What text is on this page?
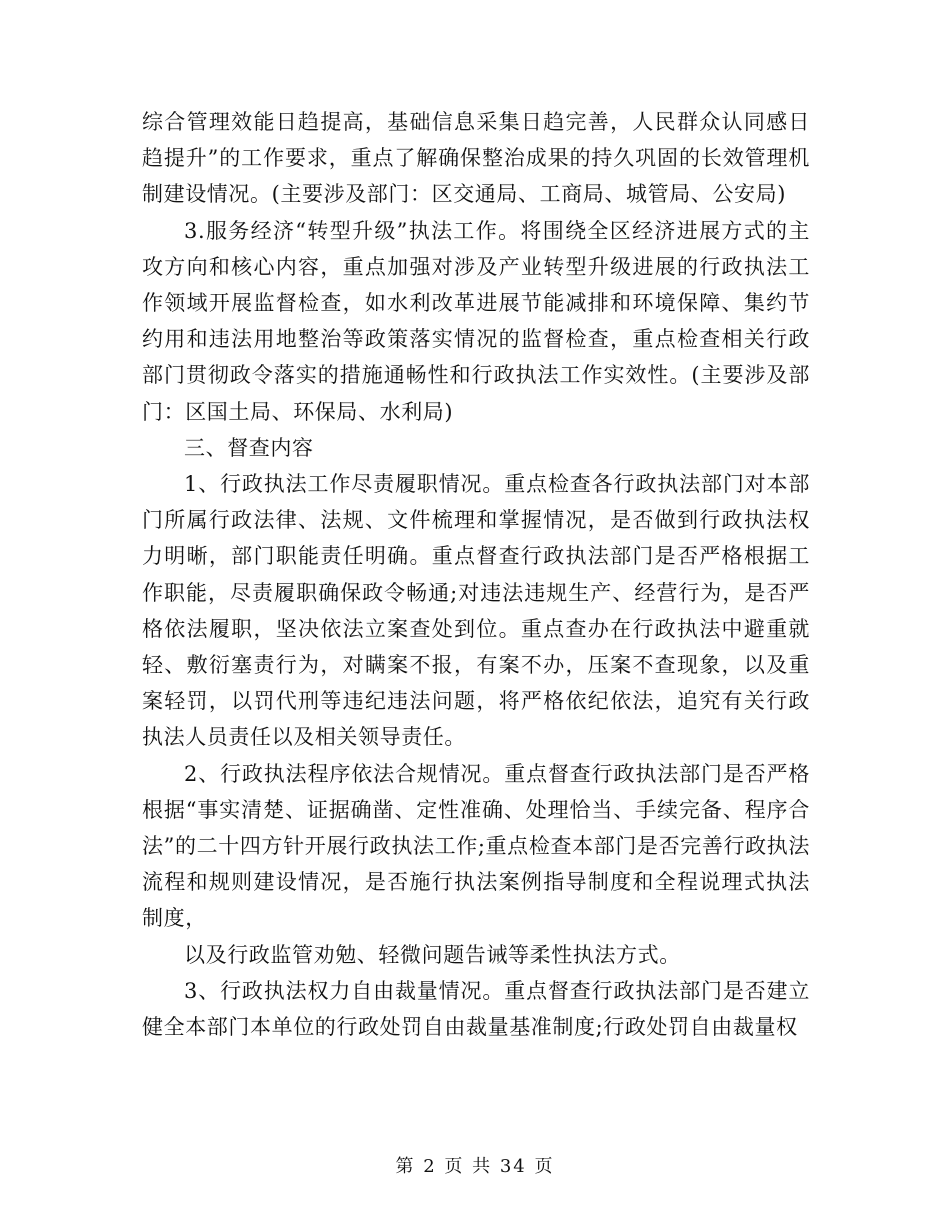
综合管理效能日趋提高，基础信息采集日趋完善，人民群众认同感日趋提升”的工作要求，重点了解确保整治成果的持久巩固的长效管理机制建设情况。(主要涉及部门：区交通局、工商局、城管局、公安局)

3.服务经济“转型升级”执法工作。将围绕全区经济进展方式的主攻方向和核心内容，重点加强对涉及产业转型升级进展的行政执法工作领域开展监督检查，如水利改革进展节能减排和环境保障、集约节约用和违法用地整治等政策落实情况的监督检查，重点检查相关行政部门贯彻政令落实的措施通畅性和行政执法工作实效性。(主要涉及部门：区国土局、环保局、水利局)

三、督查内容

1、行政执法工作尽责履职情况。重点检查各行政执法部门对本部门所属行政法律、法规、文件梳理和掌握情况，是否做到行政执法权力明晰，部门职能责任明确。重点督查行政执法部门是否严格根据工作职能，尽责履职确保政令畅通;对违法违规生产、经营行为，是否严格依法履职，坚决依法立案查处到位。重点查办在行政执法中避重就轻、敷衍塞责行为，对瞒案不报，有案不办，压案不查现象，以及重案轻罚，以罚代刑等违纪违法问题，将严格依纪依法，追究有关行政执法人员责任以及相关领导责任。

2、行政执法程序依法合规情况。重点督查行政执法部门是否严格根据“事实清楚、证据确凿、定性准确、处理恰当、手续完备、程序合法”的二十四方针开展行政执法工作;重点检查本部门是否完善行政执法流程和规则建设情况，是否施行执法案例指导制度和全程说理式执法制度，

以及行政监管劝勉、轻微问题告诫等柔性执法方式。

3、行政执法权力自由裁量情况。重点督查行政执法部门是否建立健全本部门本单位的行政处罚自由裁量基准制度;行政处罚自由裁量权

第 2 页 共 34 页
